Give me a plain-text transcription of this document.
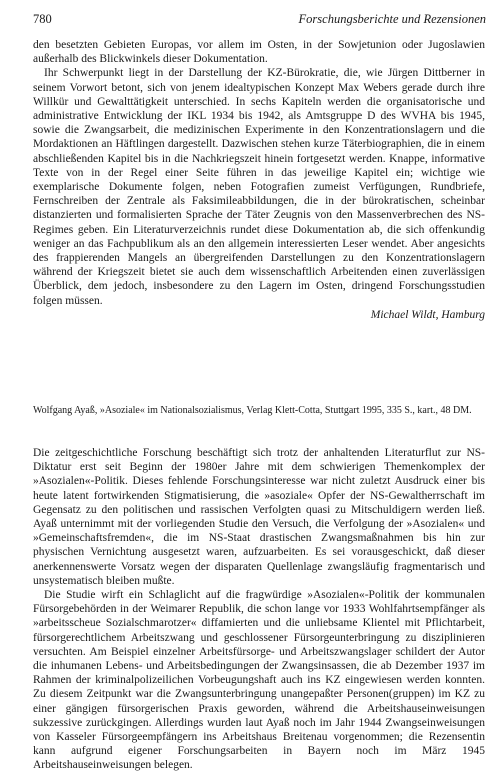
780	Forschungsberichte und Rezensionen

den besetzten Gebieten Europas, vor allem im Osten, in der Sowjetunion oder Jugoslawien außerhalb des Blickwinkels dieser Dokumentation.

Ihr Schwerpunkt liegt in der Darstellung der KZ-Bürokratie, die, wie Jürgen Dittberner in seinem Vorwort betont, sich von jenem idealtypischen Konzept Max Webers gerade durch ihre Willkür und Gewalttätigkeit unterschied. In sechs Kapiteln werden die organisatorische und administrative Entwicklung der IKL 1934 bis 1942, als Amtsgruppe D des WVHA bis 1945, sowie die Zwangsarbeit, die medizinischen Experimente in den Konzentrationslagern und die Mordaktionen an Häftlingen dargestellt. Dazwischen stehen kurze Täterbiographien, die in einem abschließenden Kapitel bis in die Nachkriegszeit hinein fortgesetzt werden. Knappe, informative Texte von in der Regel einer Seite führen in das jeweilige Kapitel ein; wichtige wie exemplarische Dokumente folgen, neben Fotografien zumeist Verfügungen, Rundbriefe, Fernschreiben der Zentrale als Faksimileabbildungen, die in der bürokratischen, scheinbar distanzierten und formalisierten Sprache der Täter Zeugnis von den Massenverbrechen des NS-Regimes geben. Ein Literaturverzeichnis rundet diese Dokumentation ab, die sich offenkundig weniger an das Fachpublikum als an den allgemein interessierten Leser wendet. Aber angesichts des frappierenden Mangels an übergreifenden Darstellungen zu den Konzentrationslagern während der Kriegszeit bietet sie auch dem wissenschaftlich Arbeitenden einen zuverlässigen Überblick, dem jedoch, insbesondere zu den Lagern im Osten, dringend Forschungsstudien folgen müssen.

Michael Wildt, Hamburg
Wolfgang Ayaß, »Asoziale« im Nationalsozialismus, Verlag Klett-Cotta, Stuttgart 1995, 335 S., kart., 48 DM.

Die zeitgeschichtliche Forschung beschäftigt sich trotz der anhaltenden Literaturflut zur NS-Diktatur erst seit Beginn der 1980er Jahre mit dem schwierigen Themenkomplex der »Asozialen«-Politik. Dieses fehlende Forschungsinteresse war nicht zuletzt Ausdruck einer bis heute latent fortwirkenden Stigmatisierung, die »asoziale« Opfer der NS-Gewaltherrschaft im Gegensatz zu den politischen und rassischen Verfolgten quasi zu Mitschuldigern werden ließ. Ayaß unternimmt mit der vorliegenden Studie den Versuch, die Verfolgung der »Asozialen« und »Gemeinschaftsfremden«, die im NS-Staat drastischen Zwangsmaßnahmen bis hin zur physischen Vernichtung ausgesetzt waren, aufzuarbeiten. Es sei vorausgeschickt, daß dieser anerkennenswerte Vorsatz wegen der disparaten Quellenlage zwangsläufig fragmentarisch und unsystematisch bleiben mußte.

Die Studie wirft ein Schlaglicht auf die fragwürdige »Asozialen«-Politik der kommunalen Fürsorgebehörden in der Weimarer Republik, die schon lange vor 1933 Wohlfahrtsempfänger als »arbeitsscheue Sozialschmarotzer« diffamierten und die unliebsame Klientel mit Pflichtarbeit, fürsorgerechtlichem Arbeitszwang und geschlossener Fürsorgeunterbringung zu disziplinieren versuchten. Am Beispiel einzelner Arbeitsfürsorge- und Arbeitszwangslager schildert der Autor die inhumanen Lebens- und Arbeitsbedingungen der Zwangsinsassen, die ab Dezember 1937 im Rahmen der kriminalpolizeilichen Vorbeugungshaft auch ins KZ eingewiesen werden konnten. Zu diesem Zeitpunkt war die Zwangsunterbringung unangepaßter Personen(gruppen) im KZ zu einer gängigen fürsorgerischen Praxis geworden, während die Arbeitshauseinweisungen sukzessive zurückgingen. Allerdings wurden laut Ayaß noch im Jahr 1944 Zwangseinweisungen von Kasseler Fürsorgeempfängern ins Arbeitshaus Breitenau vorgenommen; die Rezensentin kann aufgrund eigener Forschungsarbeiten in Bayern noch im März 1945 Arbeitshauseinweisungen belegen.
